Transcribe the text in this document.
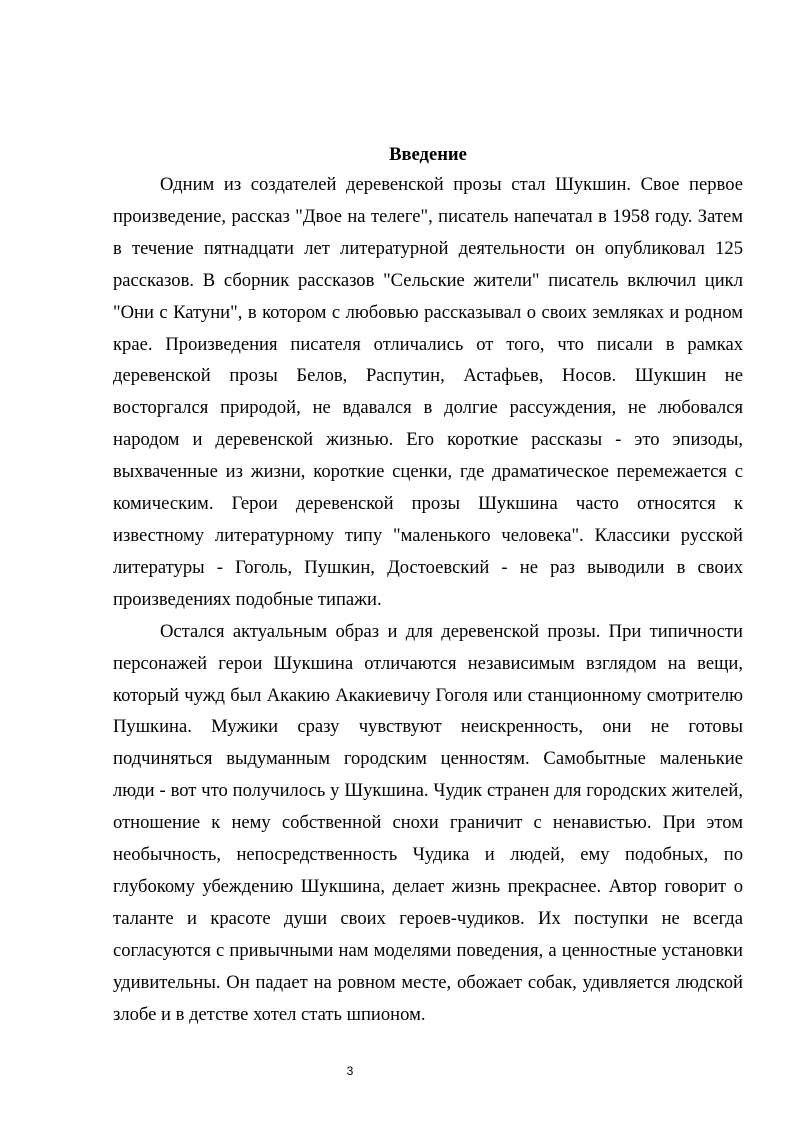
Введение

Одним из создателей деревенской прозы стал Шукшин. Свое первое произведение, рассказ "Двое на телеге", писатель напечатал в 1958 году. Затем в течение пятнадцати лет литературной деятельности он опубликовал 125 рассказов. В сборник рассказов "Сельские жители" писатель включил цикл "Они с Катуни", в котором с любовью рассказывал о своих земляках и родном крае. Произведения писателя отличались от того, что писали в рамках деревенской прозы Белов, Распутин, Астафьев, Носов. Шукшин не восторгался природой, не вдавался в долгие рассуждения, не любовался народом и деревенской жизнью. Его короткие рассказы - это эпизоды, выхваченные из жизни, короткие сценки, где драматическое перемежается с комическим. Герои деревенской прозы Шукшина часто относятся к известному литературному типу "маленького человека". Классики русской литературы - Гоголь, Пушкин, Достоевский - не раз выводили в своих произведениях подобные типажи.

Остался актуальным образ и для деревенской прозы. При типичности персонажей герои Шукшина отличаются независимым взглядом на вещи, который чужд был Акакию Акакиевичу Гоголя или станционному смотрителю Пушкина. Мужики сразу чувствуют неискренность, они не готовы подчиняться выдуманным городским ценностям. Самобытные маленькие люди - вот что получилось у Шукшина. Чудик странен для городских жителей, отношение к нему собственной снохи граничит с ненавистью. При этом необычность, непосредственность Чудика и людей, ему подобных, по глубокому убеждению Шукшина, делает жизнь прекраснее. Автор говорит о таланте и красоте души своих героев-чудиков. Их поступки не всегда согласуются с привычными нам моделями поведения, а ценностные установки удивительны. Он падает на ровном месте, обожает собак, удивляется людской злобе и в детстве хотел стать шпионом.

3
